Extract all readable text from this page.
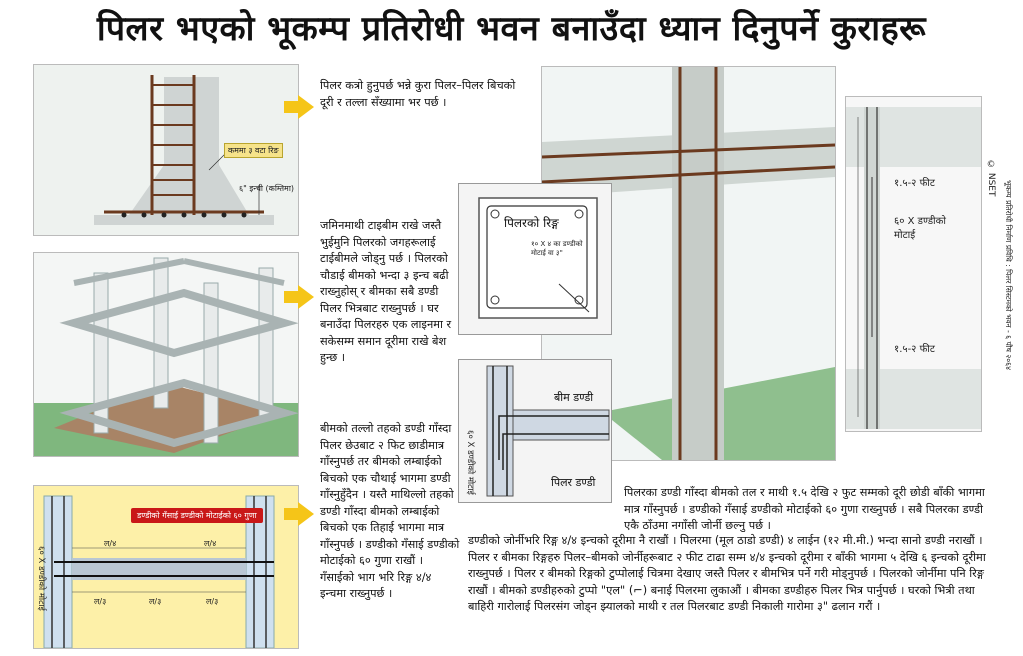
पिलर भएको भूकम्प प्रतिरोधी भवन बनाउँदा ध्यान दिनुपर्ने कुराहरू
कममा ३ वटा रिङ
६" इन्ची (कम्तिमा)
डण्डीको गँसाई डण्डीको मोटाईको ६० गुणा
ल/४	ल/४
ल/३	ल/३	ल/३
६० X डण्डीको मोटाई

पिलर कत्रो हुनुपर्छ भन्ने कुरा पिलर–पिलर बिचको दूरी र तल्ला सँख्यामा भर पर्छ ।

जमिनमाथी टाइबीम राखे जस्तै भुईमुनि पिलरको जगहरूलाई टाईबीमले जोड्नु पर्छ । पिलरको चौडाई बीमको भन्दा ३ इन्च बढी राख्नुहोस् र बीमका सबै डण्डी पिलर भित्रबाट राख्नुपर्छ । घर बनाउँदा पिलरहरु एक लाइनमा र सकेसम्म समान दूरीमा राखे बेश हुन्छ ।

बीमको तल्लो तहको डण्डी गाँस्दा पिलर छेउबाट २ फिट छाडीमात्र गाँस्नुपर्छ तर बीमको लम्बाईको बिचको एक चौथाई भागमा डण्डी गाँस्नुहुँदैन । यस्तै माथिल्लो तहको डण्डी गाँस्दा बीमको लम्बाईको बिचको एक तिहाई भागमा मात्र गाँस्नुपर्छ । डण्डीको गँसाई डण्डीको मोटाईको ६० गुणा राखौं । गँसाईको भाग भरि रिङ्ग ४/४ इन्चमा राख्नुपर्छ ।

पिलरको रिङ्ग
१० X ४ का डण्डीको मोटाई वा ३"
बीम डण्डी
पिलर डण्डी
६० X डण्डीको मोटाई
१.५-२ फीट
६० X डण्डीको मोटाई
१.५-२ फीट
© NSET
भूकम्प प्रतिरोधी निर्माण प्रविधि : पिलर सिस्टमको भवन - ६ पौष २०६४

पिलरका डण्डी गाँस्दा बीमको तल र माथी १.५ देखि २ फुट सम्मको दूरी छोडी बाँकी भागमा मात्र गाँस्नुपर्छ । डण्डीको गँसाई डण्डीको मोटाईको ६० गुणा राख्नुपर्छ । सबै पिलरका डण्डी एकै ठाँउमा नगाँसी जोर्नी छल्नु पर्छ ।

डण्डीको जोर्नीभरि रिङ्ग ४/४ इन्चको दूरीमा नै राखौं । पिलरमा (मूल ठाडो डण्डी) ४ लाईन (१२ मी.मी.) भन्दा सानो डण्डी नराखौं । पिलर र बीमका रिङ्गहरु पिलर–बीमको जोर्नीहरूबाट २ फीट टाढा सम्म ४/४ इन्चको दूरीमा र बाँकी भागमा ५ देखि ६ इन्चको दूरीमा राख्नुपर्छ । पिलर र बीमको रिङ्गको टुप्पोलाई चित्रमा देखाए जस्तै पिलर र बीमभित्र पर्ने गरी मोड्नुपर्छ । पिलरको जोर्नीमा पनि रिङ्ग राखौं । बीमको डण्डीहरुको टुप्पो "एल" (⌐) बनाई पिलरमा लुकाऔं । बीमका डण्डीहरु पिलर भित्र पार्नुपर्छ । घरको भित्री तथा बाहिरी गारोलाई पिलरसंग जोड्न झ्यालको माथी र तल पिलरबाट डण्डी निकाली गारोमा ३" ढलान गरौं ।
